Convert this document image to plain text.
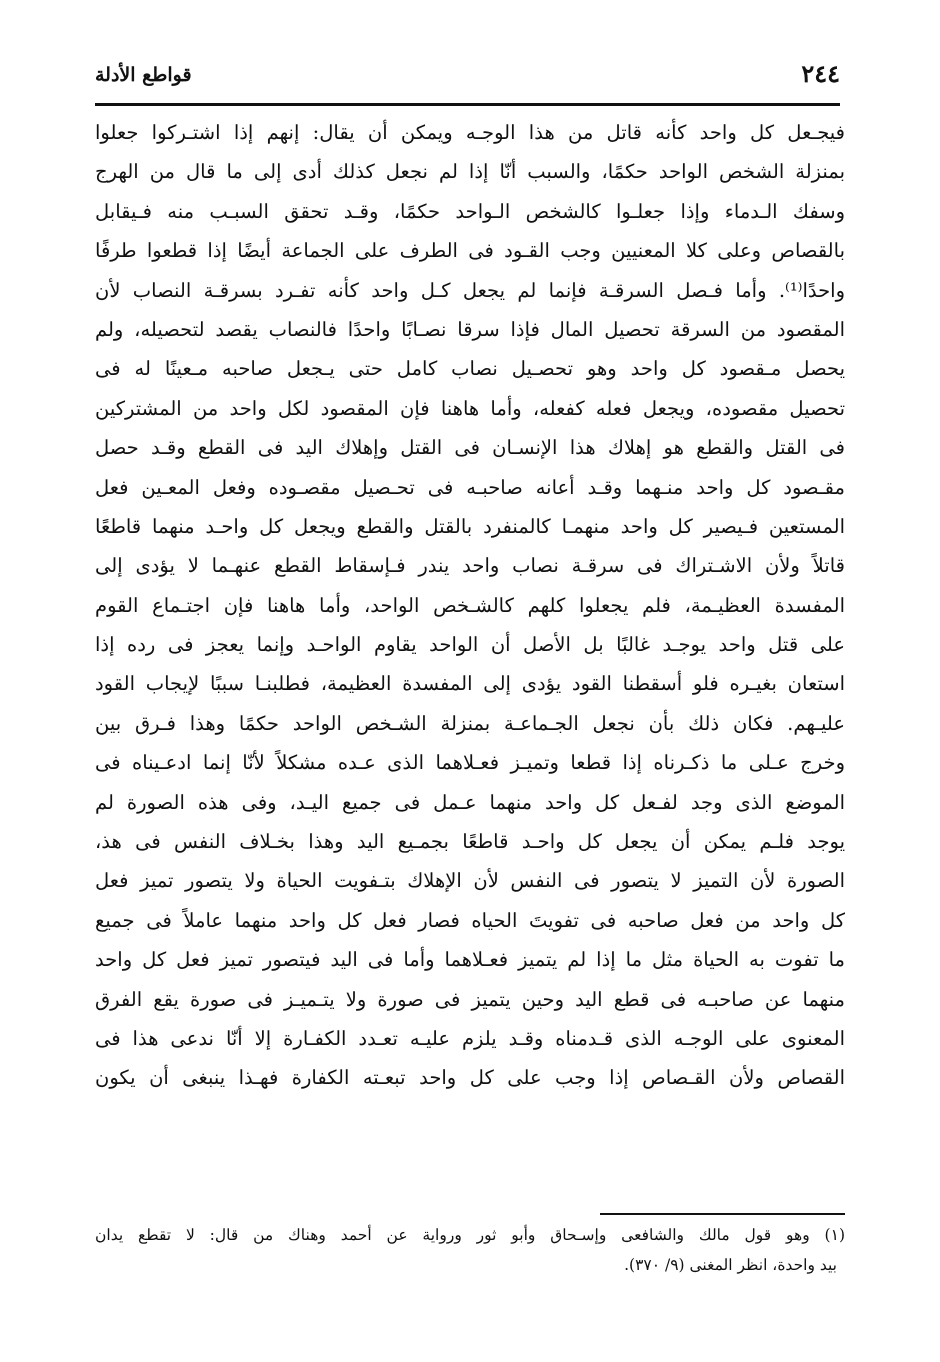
٢٤٤
قواطع الأدلة
فيجـعل كل واحد كأنه قاتل من هذا الوجـه ويمكن أن يقال: إنهم إذا اشتـركوا جعلوا
بمنزلة الشخص الواحد حكمًا، والسبب أنّا إذا لم نجعل كذلك أدى إلى ما قال من الهرج
وسفك الـدماء وإذا جعلـوا كالشخص الـواحد حكمًا، وقـد تحقق السبـب منه فـيقابل
بالقصاص وعلى كلا المعنيين وجب القـود فى الطرف على الجماعة أيضًا إذا قطعوا طرفًا
واحدًا⁽¹⁾. وأما فـصل السرقـة فإنما لم يجعل كـل واحد كأنه تفـرد بسرقـة النصاب لأن
المقصود من السرقة تحصيل المال فإذا سرقا نصـابًا واحدًا فالنصاب يقصد لتحصيله، ولم
يحصل مـقصود كل واحد وهو تحصـيل نصاب كامل حتى يـجعل صاحبه مـعينًا له فى
تحصيل مقصوده، ويجعل فعله كفعله، وأما هاهنا فإن المقصود لكل واحد من المشتركين
فى القتل والقطع هو إهلاك هذا الإنسـان فى القتل وإهلاك اليد فى القطع وقـد حصل
مقـصود كل واحد منـهما وقـد أعانه صاحبـه فى تحـصيل مقصـوده وفعل المعـين فعل
المستعين فـيصير كل واحد منهمـا كالمنفرد بالقتل والقطع ويجعل كل واحـد منهما قاطعًا
قاتلاً ولأن الاشـتراك فى سرقـة نصاب واحد يندر فـإسقاط القطع عنهـما لا يؤدى إلى
المفسدة العظيـمة، فلم يجعلوا كلهم كالشـخص الواحد، وأما هاهنا فإن اجتـماع القوم
على قتل واحد يوجـد غالبًا بل الأصل أن الواحد يقاوم الواحـد وإنما يعجز فى رده إذا
استعان بغيـره فلو أسقطنا القود يؤدى إلى المفسدة العظيمة، فطلبنـا سببًا لإيجاب القود
عليـهم. فكان ذلك بأن نجعل الجـماعـة بمنزلة الشـخص الواحد حكمًا وهذا فـرق بين
وخرج عـلى ما ذكـرناه إذا قطعا وتميـز فعـلاهما الذى عـده مشكلاً لأنّا إنما ادعـيناه فى
الموضع الذى وجد لفـعل كل واحد منهما عـمل فى جميع اليـد، وفى هذه الصورة لم
يوجد فلـم يمكن أن يجعل كل واحـد قاطعًا بجمـيع اليد وهذا بخـلاف النفس فى هذ،
الصورة لأن التميز لا يتصور فى النفس لأن الإهلاك بتـفويت الحياة ولا يتصور تميز فعل
كل واحد من فعل صاحبه فى تفويتَ الحياه فصار فعل كل واحد منهما عاملاً فى جميع
ما تفوت به الحياة مثل ما إذا لم يتميز فعـلاهما وأما فى اليد فيتصور تميز فعل كل واحد
منهما عن صاحبـه فى قطع اليد وحين يتميز فى صورة ولا يتـميـز فى صورة يقع الفرق
المعنوى على الوجـه الذى قـدمناه وقـد يلزم عليـه تعـدد الكفـارة إلا أنّا ندعى هذا فى
القصاص ولأن القـصاص إذا وجب على كل واحد تبعـته الكفارة فهـذا ينبغى أن يكون
(١) وهو قول مالك والشافعى وإسـحاق وأبو ثور ورواية عن أحمد وهناك من قال: لا تقطع يدان
بيد واحدة، انظر المغنى (٩/ ٣٧٠).
